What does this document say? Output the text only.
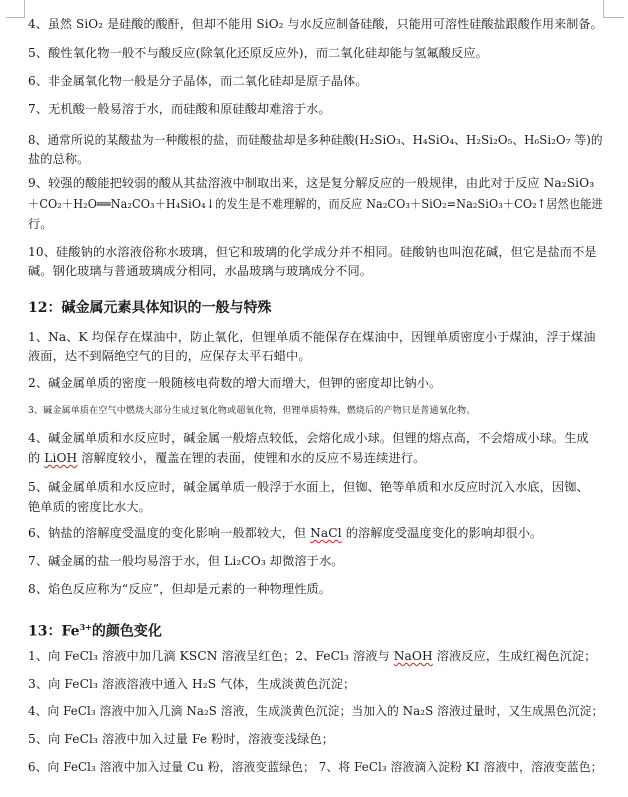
4、虽然 SiO₂ 是硅酸的酸酐，但却不能用 SiO₂ 与水反应制备硅酸，只能用可溶性硅酸盐跟酸作用来制备。
5、酸性氧化物一般不与酸反应(除氧化还原反应外)，而二氧化硅却能与氢氟酸反应。
6、非金属氧化物一般是分子晶体，而二氧化硅却是原子晶体。
7、无机酸一般易溶于水，而硅酸和原硅酸却难溶于水。
8、通常所说的某酸盐为一种酸根的盐，而硅酸盐却是多种硅酸(H₂SiO₃、H₄SiO₄、H₂Si₂O₅、H₆Si₂O₇ 等)的
盐的总称。
9、较强的酸能把较弱的酸从其盐溶液中制取出来，这是复分解反应的一般规律，由此对于反应 Na₂SiO₃
＋CO₂＋H₂O══Na₂CO₃＋H₄SiO₄↓的发生是不难理解的，而反应 Na₂CO₃＋SiO₂=Na₂SiO₃＋CO₂↑居然也能进
行。
10、硅酸钠的水溶液俗称水玻璃，但它和玻璃的化学成分并不相同。硅酸钠也叫泡花碱，但它是盐而不是
碱。钢化玻璃与普通玻璃成分相同，水晶玻璃与玻璃成分不同。
12：碱金属元素具体知识的一般与特殊
1、Na、K 均保存在煤油中，防止氧化，但锂单质不能保存在煤油中，因锂单质密度小于煤油，浮于煤油
液面，达不到隔绝空气的目的，应保存太平石蜡中。
2、碱金属单质的密度一般随核电荷数的增大而增大，但钾的密度却比钠小。
3、碱金属单质在空气中燃烧大部分生成过氧化物或超氧化物，但锂单质特殊，燃烧后的产物只是普通氧化物。
4、碱金属单质和水反应时，碱金属一般熔点较低，会熔化成小球。但锂的熔点高，不会熔成小球。生成
的 LiOH 溶解度较小，覆盖在锂的表面，使锂和水的反应不易连续进行。
5、碱金属单质和水反应时，碱金属单质一般浮于水面上，但铷、铯等单质和水反应时沉入水底，因铷、
铯单质的密度比水大。
6、钠盐的溶解度受温度的变化影响一般都较大，但 NaCl 的溶解度受温度变化的影响却很小。
7、碱金属的盐一般均易溶于水，但 Li₂CO₃ 却微溶于水。
8、焰色反应称为“反应”，但却是元素的一种物理性质。
13：$Fe^{3+}$的颜色变化
1、向 FeCl₃ 溶液中加几滴 KSCN 溶液呈红色；2、FeCl₃ 溶液与 NaOH 溶液反应，生成红褐色沉淀；
3、向 FeCl₃ 溶液溶液中通入 H₂S 气体，生成淡黄色沉淀；
4、向 FeCl₃ 溶液中加入几滴 Na₂S 溶液，生成淡黄色沉淀；当加入的 Na₂S 溶液过量时，又生成黑色沉淀；
5、向 FeCl₃ 溶液中加入过量 Fe 粉时，溶液变浅绿色；
6、向 FeCl₃ 溶液中加入过量 Cu 粉，溶液变蓝绿色； 7、将 FeCl₃ 溶液滴入淀粉 KI 溶液中，溶液变蓝色；
